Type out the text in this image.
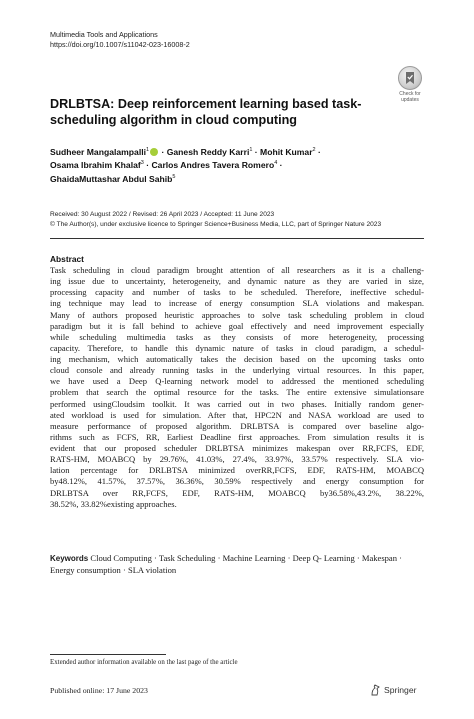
Multimedia Tools and Applications
https://doi.org/10.1007/s11042-023-16008-2
Check for
updates
DRLBTSA: Deep reinforcement learning based task-scheduling algorithm in cloud computing
Sudheer Mangalampalli$^1$ · Ganesh Reddy Karri$^1$ · Mohit Kumar$^2$ ·
Osama Ibrahim Khalaf$^3$ · Carlos Andres Tavera Romero$^4$ ·
GhaidaMuttashar Abdul Sahib$^5$
Received: 30 August 2022 / Revised: 26 April 2023 / Accepted: 11 June 2023
© The Author(s), under exclusive licence to Springer Science+Business Media, LLC, part of Springer Nature 2023
Abstract
Task scheduling in cloud paradigm brought attention of all researchers as it is a challeng-
ing issue due to uncertainty, heterogeneity, and dynamic nature as they are varied in size,
processing capacity and number of tasks to be scheduled. Therefore, ineffective schedul-
ing technique may lead to increase of energy consumption SLA violations and makespan.
Many of authors proposed heuristic approaches to solve task scheduling problem in cloud
paradigm but it is fall behind to achieve goal effectively and need improvement especially
while scheduling multimedia tasks as they consists of more heterogeneity, processing
capacity. Therefore, to handle this dynamic nature of tasks in cloud paradigm, a schedul-
ing mechanism, which automatically takes the decision based on the upcoming tasks onto
cloud console and already running tasks in the underlying virtual resources. In this paper,
we have used a Deep Q-learning network model to addressed the mentioned scheduling
problem that search the optimal resource for the tasks. The entire extensive simulationsare
performed usingCloudsim toolkit. It was carried out in two phases. Initially random gener-
ated workload is used for simulation. After that, HPC2N and NASA workload are used to
measure performance of proposed algorithm. DRLBTSA is compared over baseline algo-
rithms such as FCFS, RR, Earliest Deadline first approaches. From simulation results it is
evident that our proposed scheduler DRLBTSA minimizes makespan over RR,FCFS, EDF,
RATS-HM, MOABCQ by 29.76%, 41.03%, 27.4%, 33.97%, 33.57% respectively. SLA vio-
lation percentage for DRLBTSA minimized overRR,FCFS, EDF, RATS-HM, MOABCQ
by48.12%, 41.57%, 37.57%, 36.36%, 30.59% respectively and energy consumption for
DRLBTSA over RR,FCFS, EDF, RATS-HM, MOABCQ by36.58%,43.2%, 38.22%,
38.52%, 33.82%existing approaches.
Keywords Cloud Computing · Task Scheduling · Machine Learning · Deep Q- Learning · Makespan · Energy consumption · SLA violation
Extended author information available on the last page of the article
Published online: 17 June 2023	Springer
